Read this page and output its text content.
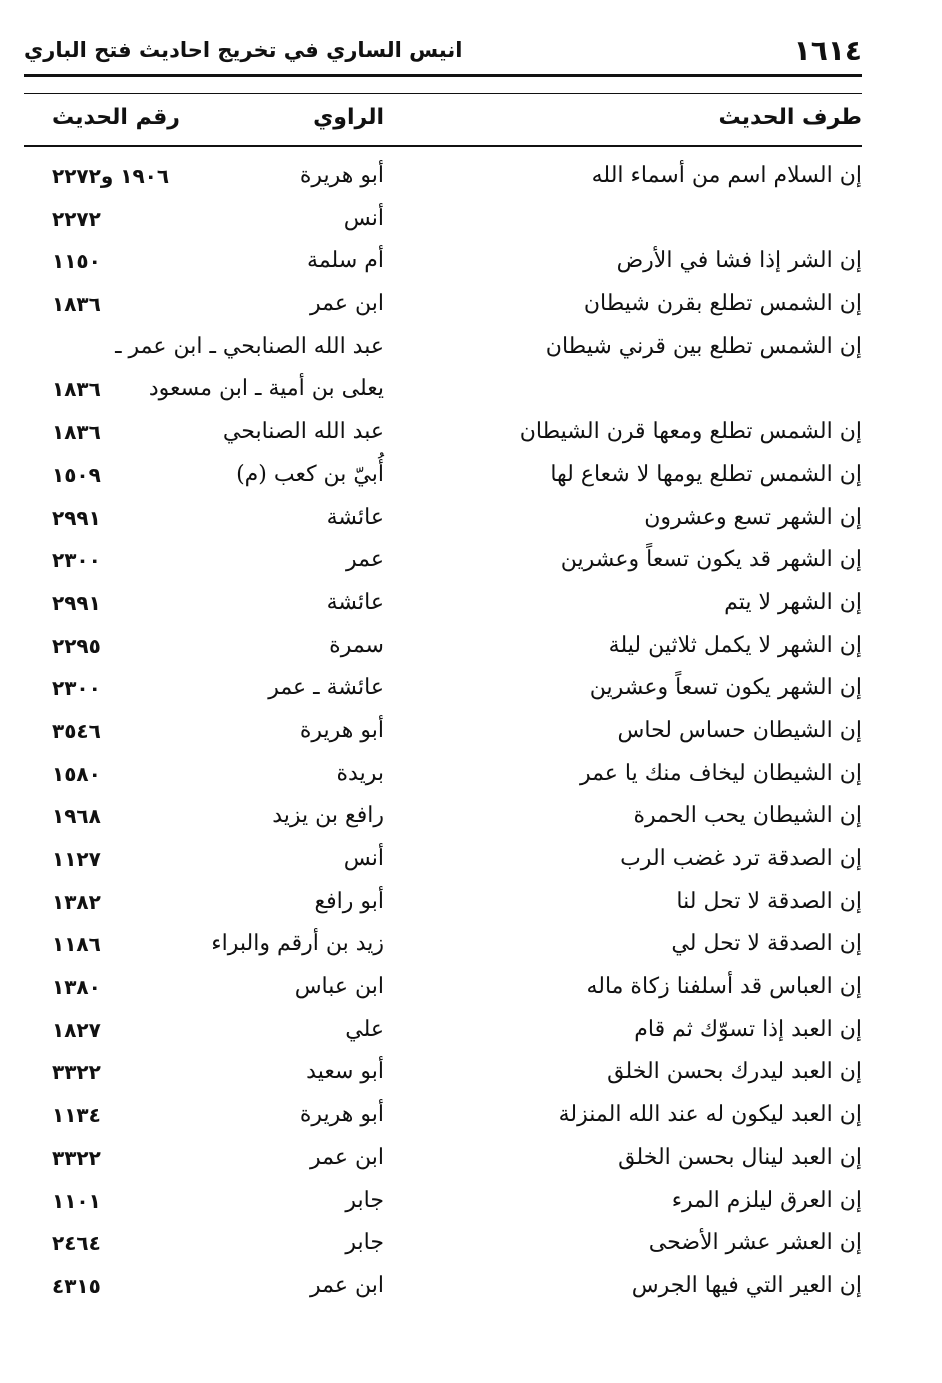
١٦١٤
انيس الساري في تخريج احاديث فتح الباري
طرف الحديث
الراوي
رقم الحديث
إن السلام اسم من أسماء الله
أبو هريرة
١٩٠٦ و٢٢٧٢
أنس
٢٢٧٢
إن الشر إذا فشا في الأرض
أم سلمة
١١٥٠
إن الشمس تطلع بقرن شيطان
ابن عمر
١٨٣٦
إن الشمس تطلع بين قرني شيطان
عبد الله الصنابحي ـ ابن عمر ـ
يعلى بن أمية ـ ابن مسعود
١٨٣٦
إن الشمس تطلع ومعها قرن الشيطان
عبد الله الصنابحي
١٨٣٦
إن الشمس تطلع يومها لا شعاع لها
أُبيّ بن كعب (م)
١٥٠٩
إن الشهر تسع وعشرون
عائشة
٢٩٩١
إن الشهر قد يكون تسعاً وعشرين
عمر
٢٣٠٠
إن الشهر لا يتم
عائشة
٢٩٩١
إن الشهر لا يكمل ثلاثين ليلة
سمرة
٢٢٩٥
إن الشهر يكون تسعاً وعشرين
عائشة ـ عمر
٢٣٠٠
إن الشيطان حساس لحاس
أبو هريرة
٣٥٤٦
إن الشيطان ليخاف منك يا عمر
بريدة
١٥٨٠
إن الشيطان يحب الحمرة
رافع بن يزيد
١٩٦٨
إن الصدقة ترد غضب الرب
أنس
١١٢٧
إن الصدقة لا تحل لنا
أبو رافع
١٣٨٢
إن الصدقة لا تحل لي
زيد بن أرقم والبراء
١١٨٦
إن العباس قد أسلفنا زكاة ماله
ابن عباس
١٣٨٠
إن العبد إذا تسوّك ثم قام
علي
١٨٢٧
إن العبد ليدرك بحسن الخلق
أبو سعيد
٣٣٢٢
إن العبد ليكون له عند الله المنزلة
أبو هريرة
١١٣٤
إن العبد لينال بحسن الخلق
ابن عمر
٣٣٢٢
إن العرق ليلزم المرء
جابر
١١٠١
إن العشر عشر الأضحى
جابر
٢٤٦٤
إن العير التي فيها الجرس
ابن عمر
٤٣١٥
